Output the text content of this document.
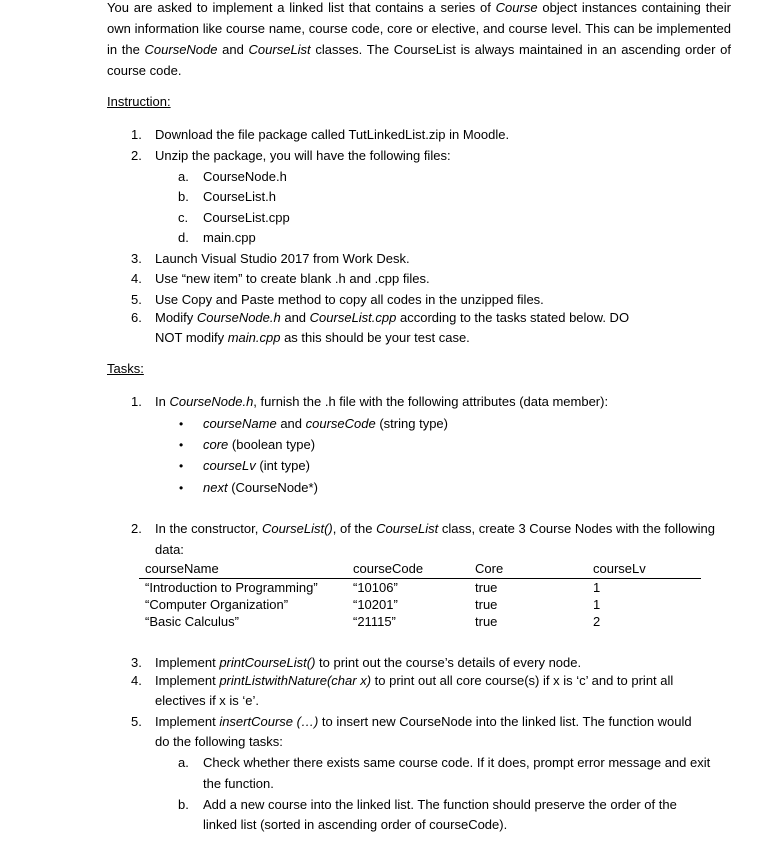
You are asked to implement a linked list that contains a series of Course object instances containing their own information like course name, course code, core or elective, and course level. This can be implemented in the CourseNode and CourseList classes. The CourseList is always maintained in an ascending order of course code.

Instruction:
1.	Download the file package called TutLinkedList.zip in Moodle.
2.	Unzip the package, you will have the following files:
a.	CourseNode.h
b.	CourseList.h
c.	CourseList.cpp
d.	main.cpp
3.	Launch Visual Studio 2017 from Work Desk.
4.	Use “new item” to create blank .h and .cpp files.
5.	Use Copy and Paste method to copy all codes in the unzipped files.
6.	Modify CourseNode.h and CourseList.cpp according to the tasks stated below. DO
NOT modify main.cpp as this should be your test case.
Tasks:
1.	In CourseNode.h, furnish the .h file with the following attributes (data member):
•	courseName and courseCode (string type)
•	core (boolean type)
•	courseLv (int type)
•	next (CourseNode*)
2.	In the constructor, CourseList(), of the CourseList class, create 3 Course Nodes with the following
data:
courseName	courseCode	Core	courseLv
“Introduction to Programming”	“10106”	true	1
“Computer Organization”	“10201”	true	1
“Basic Calculus”	“21115”	true	2
3.	Implement printCourseList() to print out the course’s details of every node.
4.	Implement printListwithNature(char x) to print out all core course(s) if x is ‘c’ and to print all
electives if x is ‘e’.
5.	Implement insertCourse (…) to insert new CourseNode into the linked list. The function would
do the following tasks:
a.	Check whether there exists same course code. If it does, prompt error message and exit
the function.
b.	Add a new course into the linked list. The function should preserve the order of the
linked list (sorted in ascending order of courseCode).
